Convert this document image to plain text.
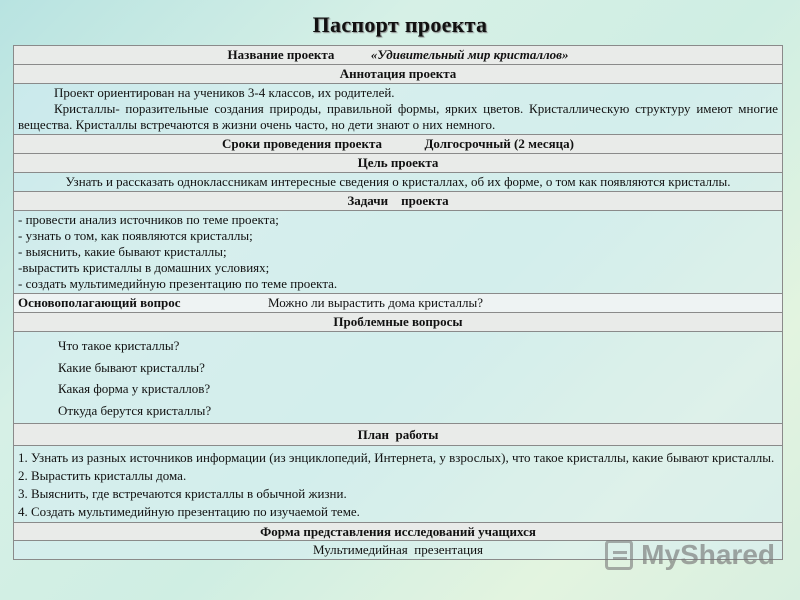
Паспорт проекта
Название проекта	«Удивительный мир кристаллов»
Аннотация проекта
Проект ориентирован на учеников 3-4 классов, их родителей.
Кристаллы- поразительные создания природы, правильной формы, ярких цветов. Кристаллическую структуру имеют многие вещества. Кристаллы встречаются в жизни очень часто, но дети знают о них немного.
Сроки проведения проекта	Долгосрочный (2 месяца)
Цель проекта
Узнать и рассказать одноклассникам интересные сведения о кристаллах, об их форме, о том как появляются кристаллы.
Задачи    проекта
- провести анализ источников по теме проекта;
- узнать о том, как появляются кристаллы;
- выяснить, какие бывают кристаллы;
-вырастить кристаллы в домашних условиях;
- создать мультимедийную презентацию по теме проекта.
Основополагающий вопрос	Можно ли вырастить дома кристаллы?
Проблемные вопросы
Что такое кристаллы?
Какие бывают кристаллы?
Какая форма у кристаллов?
Откуда берутся кристаллы?
План  работы
1. Узнать из разных источников информации (из энциклопедий, Интернета, у взрослых), что такое кристаллы, какие бывают кристаллы.
2. Вырастить кристаллы дома.
3. Выяснить, где встречаются кристаллы в обычной жизни.
4. Создать мультимедийную презентацию по изучаемой теме.
Форма представления исследований учащихся
Мультимедийная  презентация	MyShared
